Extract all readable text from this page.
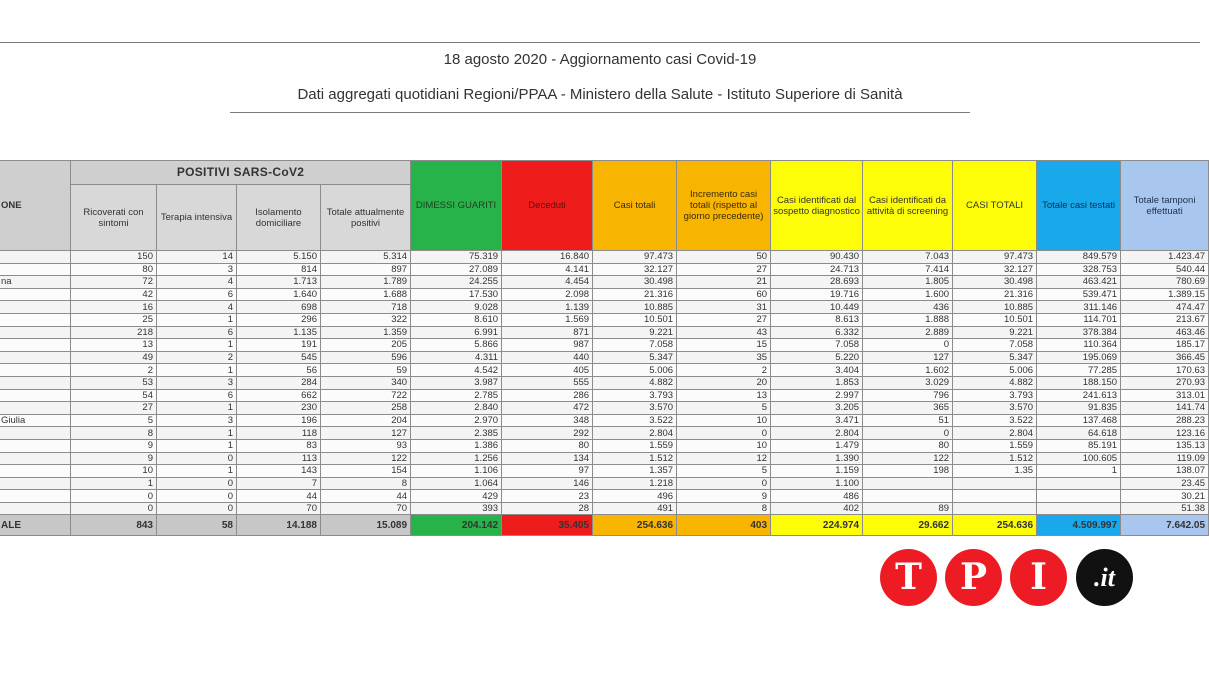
18 agosto 2020 - Aggiornamento casi Covid-19
Dati aggregati quotidiani Regioni/PPAA - Ministero della Salute - Istituto Superiore di Sanità
ONE	POSITIVI SARS-CoV2				DIMESSI GUARITI	Deceduti	Casi totali	Incremento casi totali (rispetto al giorno precedente)	Casi identificati dal sospetto diagnostico	Casi identificati da attività di screening	CASI TOTALI	Totale casi testati	Totale tamponi effettuati
	Ricoverati con sintomi	Terapia intensiva	Isolamento domiciliare	Totale attualmente positivi									
	150	14	5.150	5.314	75.319	16.840	97.473	50	90.430	7.043	97.473	849.579	1.423.47
	80	3	814	897	27.089	4.141	32.127	27	24.713	7.414	32.127	328.753	540.44
na	72	4	1.713	1.789	24.255	4.454	30.498	21	28.693	1.805	30.498	463.421	780.69
	42	6	1.640	1.688	17.530	2.098	21.316	60	19.716	1.600	21.316	539.471	1.389.15
	16	4	698	718	9.028	1.139	10.885	31	10.449	436	10.885	311.146	474.47
	25	1	296	322	8.610	1.569	10.501	27	8.613	1.888	10.501	114.701	213.67
	218	6	1.135	1.359	6.991	871	9.221	43	6.332	2.889	9.221	378.384	463.46
	13	1	191	205	5.866	987	7.058	15	7.058	0	7.058	110.364	185.17
	49	2	545	596	4.311	440	5.347	35	5.220	127	5.347	195.069	366.45
	2	1	56	59	4.542	405	5.006	2	3.404	1.602	5.006	77.285	170.63
	53	3	284	340	3.987	555	4.882	20	1.853	3.029	4.882	188.150	270.93
	54	6	662	722	2.785	286	3.793	13	2.997	796	3.793	241.613	313.01
	27	1	230	258	2.840	472	3.570	5	3.205	365	3.570	91.835	141.74
Giulia	5	3	196	204	2.970	348	3.522	10	3.471	51	3.522	137.468	288.23
	8	1	118	127	2.385	292	2.804	0	2.804	0	2.804	64.618	123.16
	9	1	83	93	1.386	80	1.559	10	1.479	80	1.559	85.191	135.13
	9	0	113	122	1.256	134	1.512	12	1.390	122	1.512	100.605	119.09
	10	1	143	154	1.106	97	1.357	5	1.159	198	1.35	1	138.07
	1	0	7	8	1.064	146	1.218	0	1.100				23.45
	0	0	44	44	429	23	496	9	486				30.21
	0	0	70	70	393	28	491	8	402	89			51.38
ALE	843	58	14.188	15.089	204.142	35.405	254.636	403	224.974	29.662	254.636	4.509.997	7.642.05
T	P	I	.it
